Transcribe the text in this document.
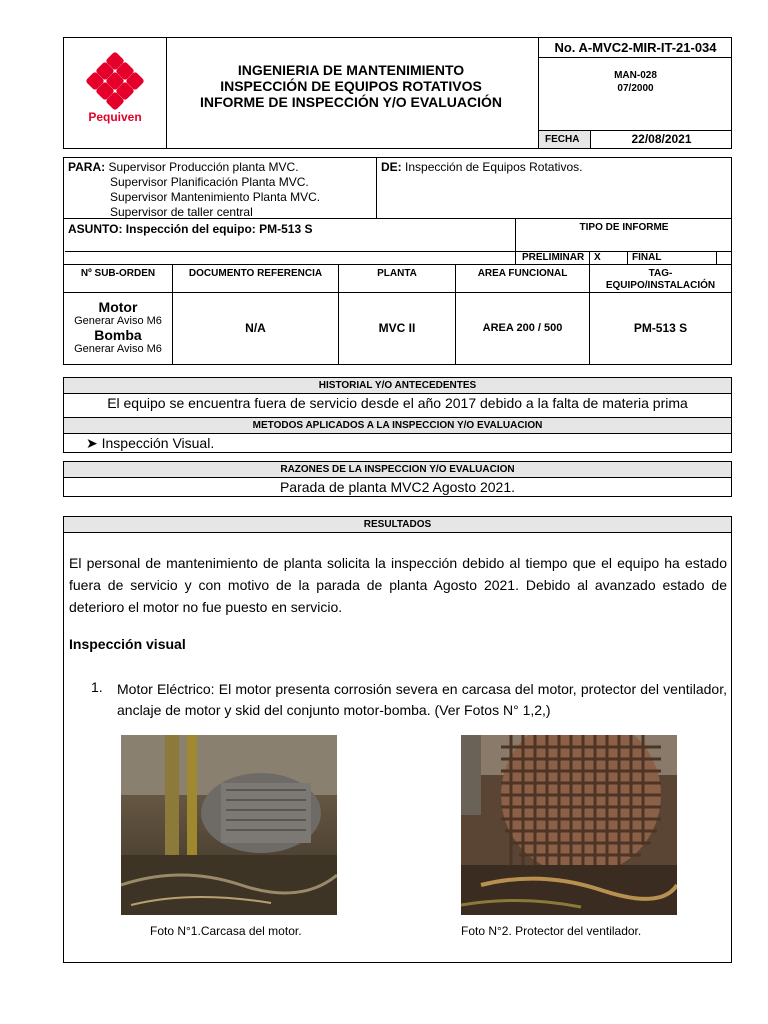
Pequiven
INGENIERIA DE MANTENIMIENTO
INSPECCIÓN DE EQUIPOS ROTATIVOS
INFORME DE INSPECCIÓN Y/O EVALUACIÓN
No. A-MVC2-MIR-IT-21-034
MAN-028
07/2000
FECHA	22/08/2021
PARA: Supervisor Producción planta MVC.
Supervisor Planificación Planta MVC.
Supervisor Mantenimiento Planta MVC.
Supervisor de taller central
DE: Inspección de Equipos Rotativos.
ASUNTO: Inspección del equipo: PM-513 S	TIPO DE INFORME
PRELIMINAR X	FINAL
Nº SUB-ORDEN	DOCUMENTO REFERENCIA	PLANTA	AREA FUNCIONAL	TAG-
EQUIPO/INSTALACIÓN
Motor
Generar Aviso M6
Bomba
Generar Aviso M6
N/A	MVC II	AREA 200 / 500	PM-513 S
HISTORIAL Y/O ANTECEDENTES
El equipo se encuentra fuera de servicio desde el año 2017 debido a la falta de materia prima
METODOS APLICADOS A LA INSPECCION Y/O EVALUACION
➤ Inspección Visual.
RAZONES DE LA INSPECCION Y/O EVALUACION
Parada de planta MVC2 Agosto 2021.
RESULTADOS

El personal de mantenimiento de planta solicita la inspección debido al tiempo que el equipo ha estado fuera de servicio y con motivo de la parada de planta Agosto 2021. Debido al avanzado estado de deterioro el motor no fue puesto en servicio.

Inspección visual
1. Motor Eléctrico: El motor presenta corrosión severa en carcasa del motor, protector del ventilador, anclaje de motor y skid del conjunto motor-bomba. (Ver Fotos N° 1,2,)

Foto N°1.Carcasa del motor.	Foto N°2. Protector del ventilador.
